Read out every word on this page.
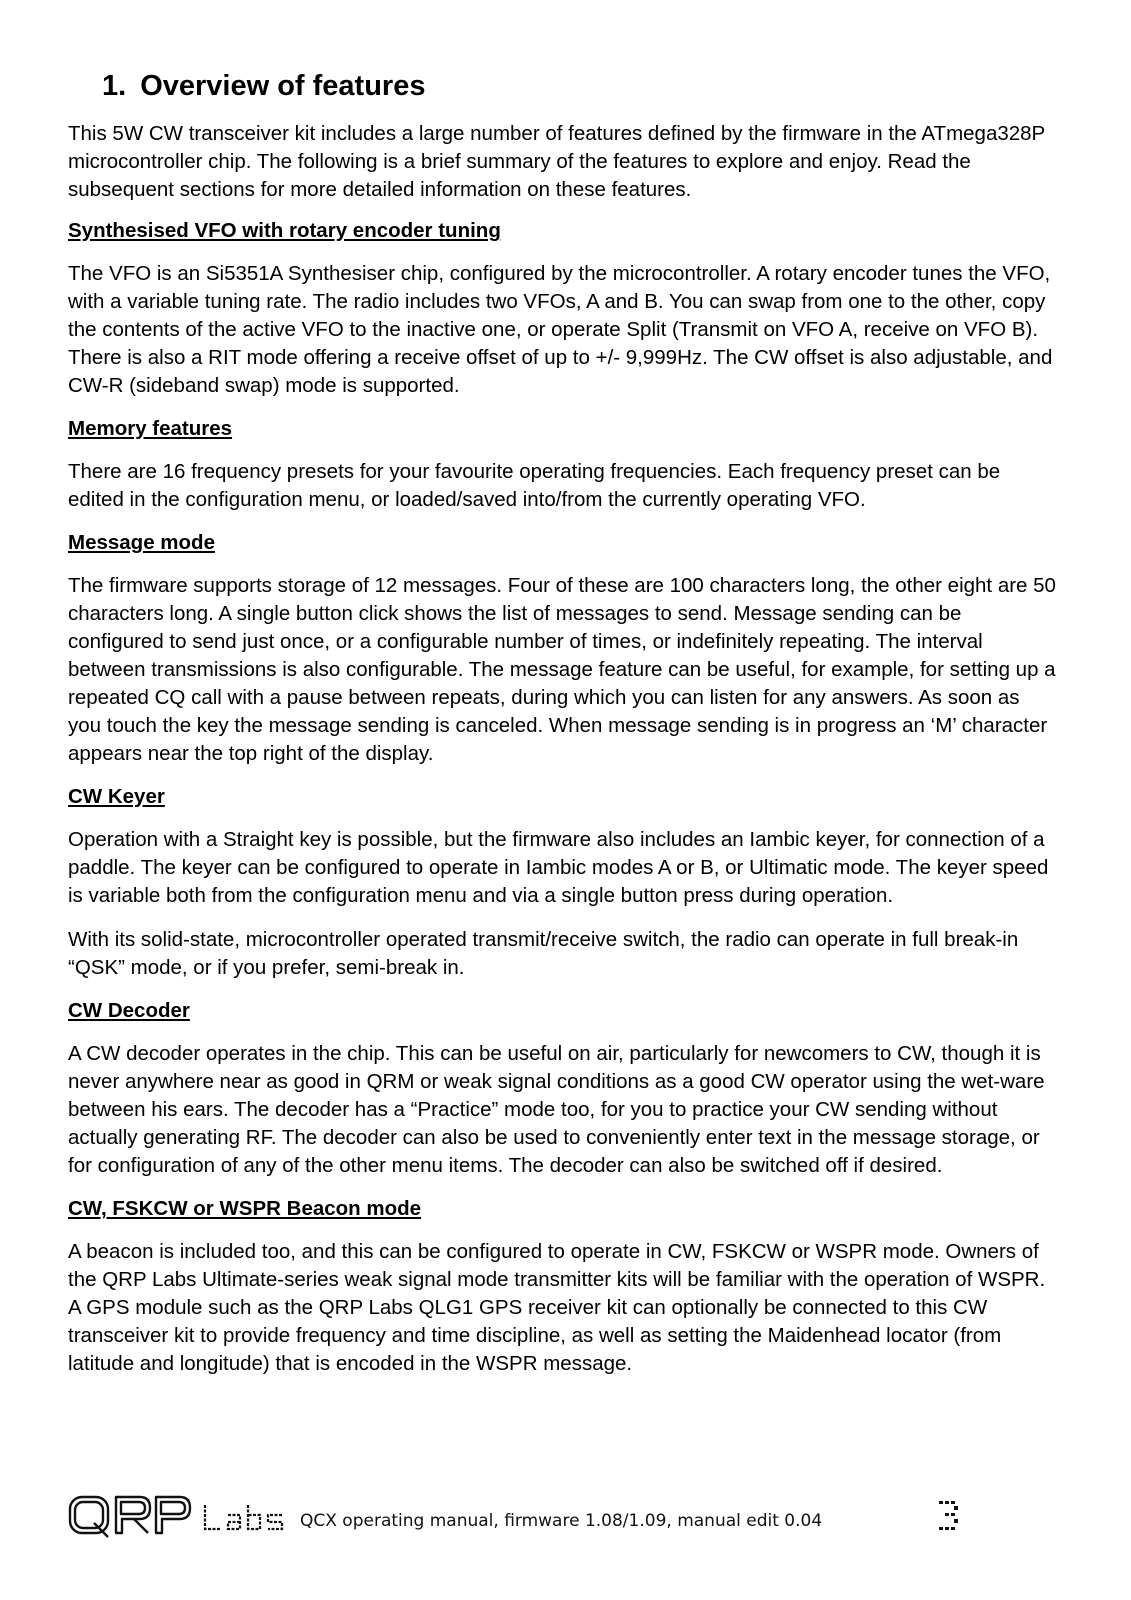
1. Overview of features

This 5W CW transceiver kit includes a large number of features defined by the firmware in the ATmega328P microcontroller chip. The following is a brief summary of the features to explore and enjoy. Read the subsequent sections for more detailed information on these features.

Synthesised VFO with rotary encoder tuning

The VFO is an Si5351A Synthesiser chip, configured by the microcontroller. A rotary encoder tunes the VFO, with a variable tuning rate. The radio includes two VFOs, A and B. You can swap from one to the other, copy the contents of the active VFO to the inactive one, or operate Split (Transmit on VFO A, receive on VFO B). There is also a RIT mode offering a receive offset of up to +/- 9,999Hz. The CW offset is also adjustable, and CW-R (sideband swap) mode is supported.

Memory features

There are 16 frequency presets for your favourite operating frequencies. Each frequency preset can be edited in the configuration menu, or loaded/saved into/from the currently operating VFO.

Message mode

The firmware supports storage of 12 messages. Four of these are 100 characters long, the other eight are 50 characters long. A single button click shows the list of messages to send. Message sending can be configured to send just once, or a configurable number of times, or indefinitely repeating. The interval between transmissions is also configurable. The message feature can be useful, for example, for setting up a repeated CQ call with a pause between repeats, during which you can listen for any answers. As soon as you touch the key the message sending is canceled. When message sending is in progress an ‘M’ character appears near the top right of the display.

CW Keyer

Operation with a Straight key is possible, but the firmware also includes an Iambic keyer, for connection of a paddle. The keyer can be configured to operate in Iambic modes A or B, or Ultimatic mode. The keyer speed is variable both from the configuration menu and via a single button press during operation.

With its solid-state, microcontroller operated transmit/receive switch, the radio can operate in full break-in “QSK” mode, or if you prefer, semi-break in.

CW Decoder

A CW decoder operates in the chip. This can be useful on air, particularly for newcomers to CW, though it is never anywhere near as good in QRM or weak signal conditions as a good CW operator using the wet-ware between his ears. The decoder has a “Practice” mode too, for you to practice your CW sending without actually generating RF. The decoder can also be used to conveniently enter text in the message storage, or for configuration of any of the other menu items. The decoder can also be switched off if desired.

CW, FSKCW or WSPR Beacon mode

A beacon is included too, and this can be configured to operate in CW, FSKCW or WSPR mode. Owners of the QRP Labs Ultimate-series weak signal mode transmitter kits will be familiar with the operation of WSPR. A GPS module such as the QRP Labs QLG1 GPS receiver kit can optionally be connected to this CW transceiver kit to provide frequency and time discipline, as well as setting the Maidenhead locator (from latitude and longitude) that is encoded in the WSPR message.

QCX operating manual, firmware 1.08/1.09, manual edit 0.04
